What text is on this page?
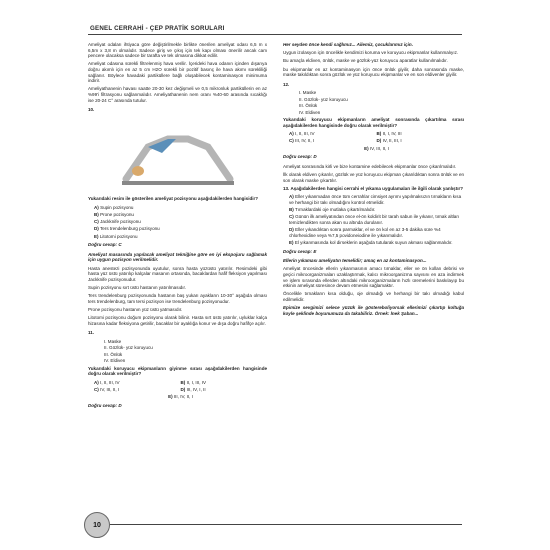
GENEL CERRAHİ - ÇEP PRATİK SORULARI

Ameliyat odaları ihtiyaca göre değiştirilmekle birlikte önerilen ameliyat odası 6,5 m x 6,5m x 3,8 m olmalıdır. Sadece giriş ve çıkış için tek kapı olması önerilir ancak cam pencere olacaksa sadece bir tarafta ve tek olmasına dikkat edilir.

Ameliyat odasına sürekli filtrelenmiş hava verilir. İçerideki hava odanın içinden dışarıya doğru akımlı için en az 5 cm H2O sürekli bir pozitif basınç ile hava akımı sürekliliği sağlanır. Böylece havadaki partiküllere bağlı oluşabilecek kontaminasyon minimuma indirir.

Ameliyathanenin havası saatte 20-30 kez değişmeli ve 0,5 mikronluk partiküllerin en az %99'i filtrasyonu sağlanmalıdır. Ameliyathanenin nem oranı %40-60 arasında sıcaklığı ise 20-24 C° arasında tutulur.

10.
Yukarıdaki resim ile gösterilen ameliyat pozisyonu aşağıdakilerden hangisidir?
A) Supin pozisyonu
B) Prone pozisyonu
C) Jackknife pozisyonu
D) Ters trendelenburg pozisyonu
E) Litotomi pozisyonu
Doğru cevap: C

Ameliyat masasında yapılacak ameliyat tekniğine göre en iyi ekspojuru sağlamak için uygun pozisyon verilmelidir.

Hasta anestezi pozisyonunda uyutulur, sonra hasta yüzüstü yatırılır. Resimdeki gibi hasta yüz üstü yatırılıp kalçalar masanın ortasında, bacaklardan hafif fleksiyon yapılması Jackknife pozisyonudur.

Supin pozisyonu sırt üstü hastanın yatırılmasıdır.

Ters trendelenburg pozisyonunda hastanın baş yukarı ayakların 10-30° aşağıda olması ters trendelenburg, tam tersi pozisyon ise trendelenburg pozisyonudur.

Prone pozisyonu hastanın yüz üstü yatmasıdır.

Litotomi pozisyonu doğum pozisyonu olarak bilinir. Hasta sırt üstü yatırılır, uyluklar kalça hizasına kadar fleksiyona getirilir, bacaklar bir ayaklığa konur ve dışa doğru hafifçe açılır.

11.
I. Maske
II. Gözlük- yüz koruyucu
III. Önlük
IV. Eldiven
Yukarıdaki koruyucu ekipmanların giyinme sırası aşağıdakilerden hangisinde doğru olarak verilmiştir?
A) I, II, III, IV	B) II, I, III, IV
C) IV, III, II, I	D) III, IV, I, II
E) III, IV, II, I
Doğru cevap: D

Her seyden önce kendi sağlımız... Ailemiz, çocuklarımız için.

Uygun izolasyon için öncelikle kendimizi koruma ve koruyucu ekipmanlar kullanmalıyız.

Bu amaçla eldiven, önlük, maske ve gözlük-yüz koruyucu aparatlar kullanılmalıdır.

bu ekipmanlar en az kontaminasyon için önce önlük giyilir, daha sonrasında maske, maske takıldıktan sonra gözlük ve yüz koruyucu ekipmanlar ve en son eldivenler giyilir.

12.
I. Maske
II. Gözlük- yüz koruyucu
III. Önlük
IV. Eldiven
Yukarıdaki koruyucu ekipmanların ameliyat sonrasında çıkartılma sırası aşağıdakilerden hangisinde doğru olarak verilmiştir?
A) I, II, III, IV	B) II, I, IV, III
C) III, IV, II, I	D) IV, II, III, I
E) IV, III, II, I
Doğru cevap: D

Ameliyat sonrasında kirli ve bize kontamine edebilecek ekipmanlar önce çıkarılmalıdır.

İlk olarak eldiven çıkarılır, gözlük ve yüz koruyucu ekipman çıkarıldıktan sonra önlük ve en son olarak maske çıkartılır.

13. Aşağıdakilerden hangisi cerrahi el yıkama uygulamaları ile ilgili olarak yanlıştır?
A) Eller yıkanmadan önce tüm cerrahlar cimsiyet ayrımı yapılmaksızın tırnakların kısa ve herhangi bir takı olmadığını kontrol etmelidir.
B) Tırnaklardaki oje mutlaka çıkartılmalıdır.
C) Günün ilk ameliyatından önce el-ön koldirit bir tarah sabun ile yıkanır, tırnak altları temizlendikten sonra akan su altında durulanır.
D) Eller yıkandıktan sonra parmaklar, el ve ön kol en az 3-5 dakika süre %4 chlorhexidine veya %7,5 povidoneiodine ile yıkanmalıdır.
E) El yıkanmasında kol dirseklerin aşağıda tutularak suyun akması sağlanmalıdır.
Doğru cevap: E

Ellerin yıkaması ameliyatın temelidir; amaç en az kontaminasyon...

Ameliyat öncesinde ellerin yıkanmasının amacı tırnaklar, eller ve ön kollan debrisi ve geçici mikroorganizmaları uzaklaştırmak, kalıcı mikroorganizma sayısını en aza indirmek ve işlem sırasında ellerden altındaki mikroorganizmaların hızlı üremelerini baskılayıp bu etkinin ameliyat süresince devam etmesini sağlamaktır.

Öncelikle tırnakların kısa olduğu, oje olmadığı ve herhangi bir takı olmadığı kabul edilmelidir.

Epimize sevgimizi selece yüzük ile göstereboliyorsak ellerimizi çıkartıp koltuğa koyle şeklinde boyunumuza da takabiliriz. Örnek: İnek Şaban...

10
